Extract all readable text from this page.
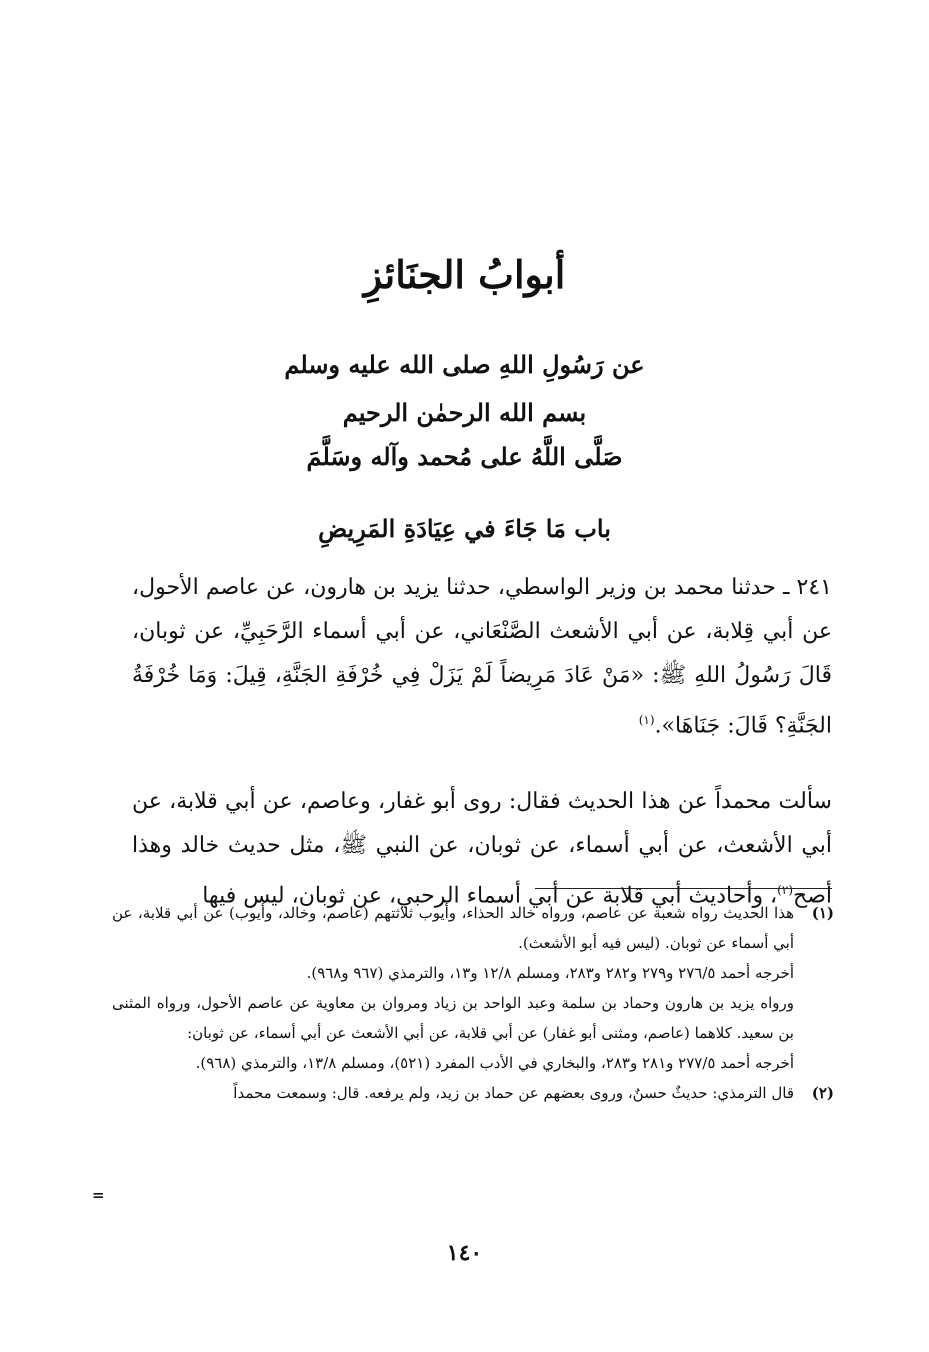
أبوابُ الجنَائزِ
عن رَسُولِ اللهِ صلى الله عليه وسلم
بسم الله الرحمٰن الرحيم
صَلَّى اللَّهُ على مُحمد وآله وسَلَّمَ
باب مَا جَاءَ في عِيَادَةِ المَرِيضِ
٢٤١ ـ حدثنا محمد بن وزير الواسطي، حدثنا يزيد بن هارون، عن عاصم الأحول، عن أبي قِلابة، عن أبي الأشعث الصَّنْعَاني، عن أبي أسماء الرَّحَبِيِّ، عن ثوبان، قَالَ رَسُولُ اللهِ ﷺ: «مَنْ عَادَ مَرِيضاً لَمْ يَزَلْ فِي خُرْفَةِ الجَنَّةِ، قِيلَ: وَمَا خُرْفَةُ الجَنَّةِ؟ قَالَ: جَنَاهَا».$^{(١)}$
سألت محمداً عن هذا الحديث فقال: روى أبو غفار، وعاصم، عن أبي قلابة، عن أبي الأشعث، عن أبي أسماء، عن ثوبان، عن النبي ﷺ، مثل حديث خالد وهذا أصح$^{(٢)}$، وأحاديث أبي قلابة عن أبي أسماء الرحبي، عن ثوبان، ليس فيها
(١)

هذا الحديث رواه شعبة عن عاصم، ورواه خالد الحذاء، وأيوب ثلاثتهم (عاصم، وخالد، وأيوب) عن أبي قلابة، عن أبي أسماء عن ثوبان. (ليس فيه أبو الأشعث).

أخرجه أحمد ٢٧٦/٥ و٢٧٩ و٢٨٢ و٢٨٣، ومسلم ١٢/٨ و١٣، والترمذي (٩٦٧ و٩٦٨).

ورواه يزيد بن هارون وحماد بن سلمة وعبد الواحد بن زياد ومروان بن معاوية عن عاصم الأحول، ورواه المثنى بن سعيد. كلاهما (عاصم، ومثنى أبو غفار) عن أبي قلابة، عن أبي الأشعث عن أبي أسماء، عن ثوبان:

أخرجه أحمد ٢٧٧/٥ و٢٨١ و٢٨٣، والبخاري في الأدب المفرد (٥٢١)، ومسلم ١٣/٨، والترمذي (٩٦٨).

(٢)

قال الترمذي: حديثٌ حسنٌ، وروى بعضهم عن حماد بن زيد، ولم يرفعه. قال: وسمعت محمداً

=
١٤٠
